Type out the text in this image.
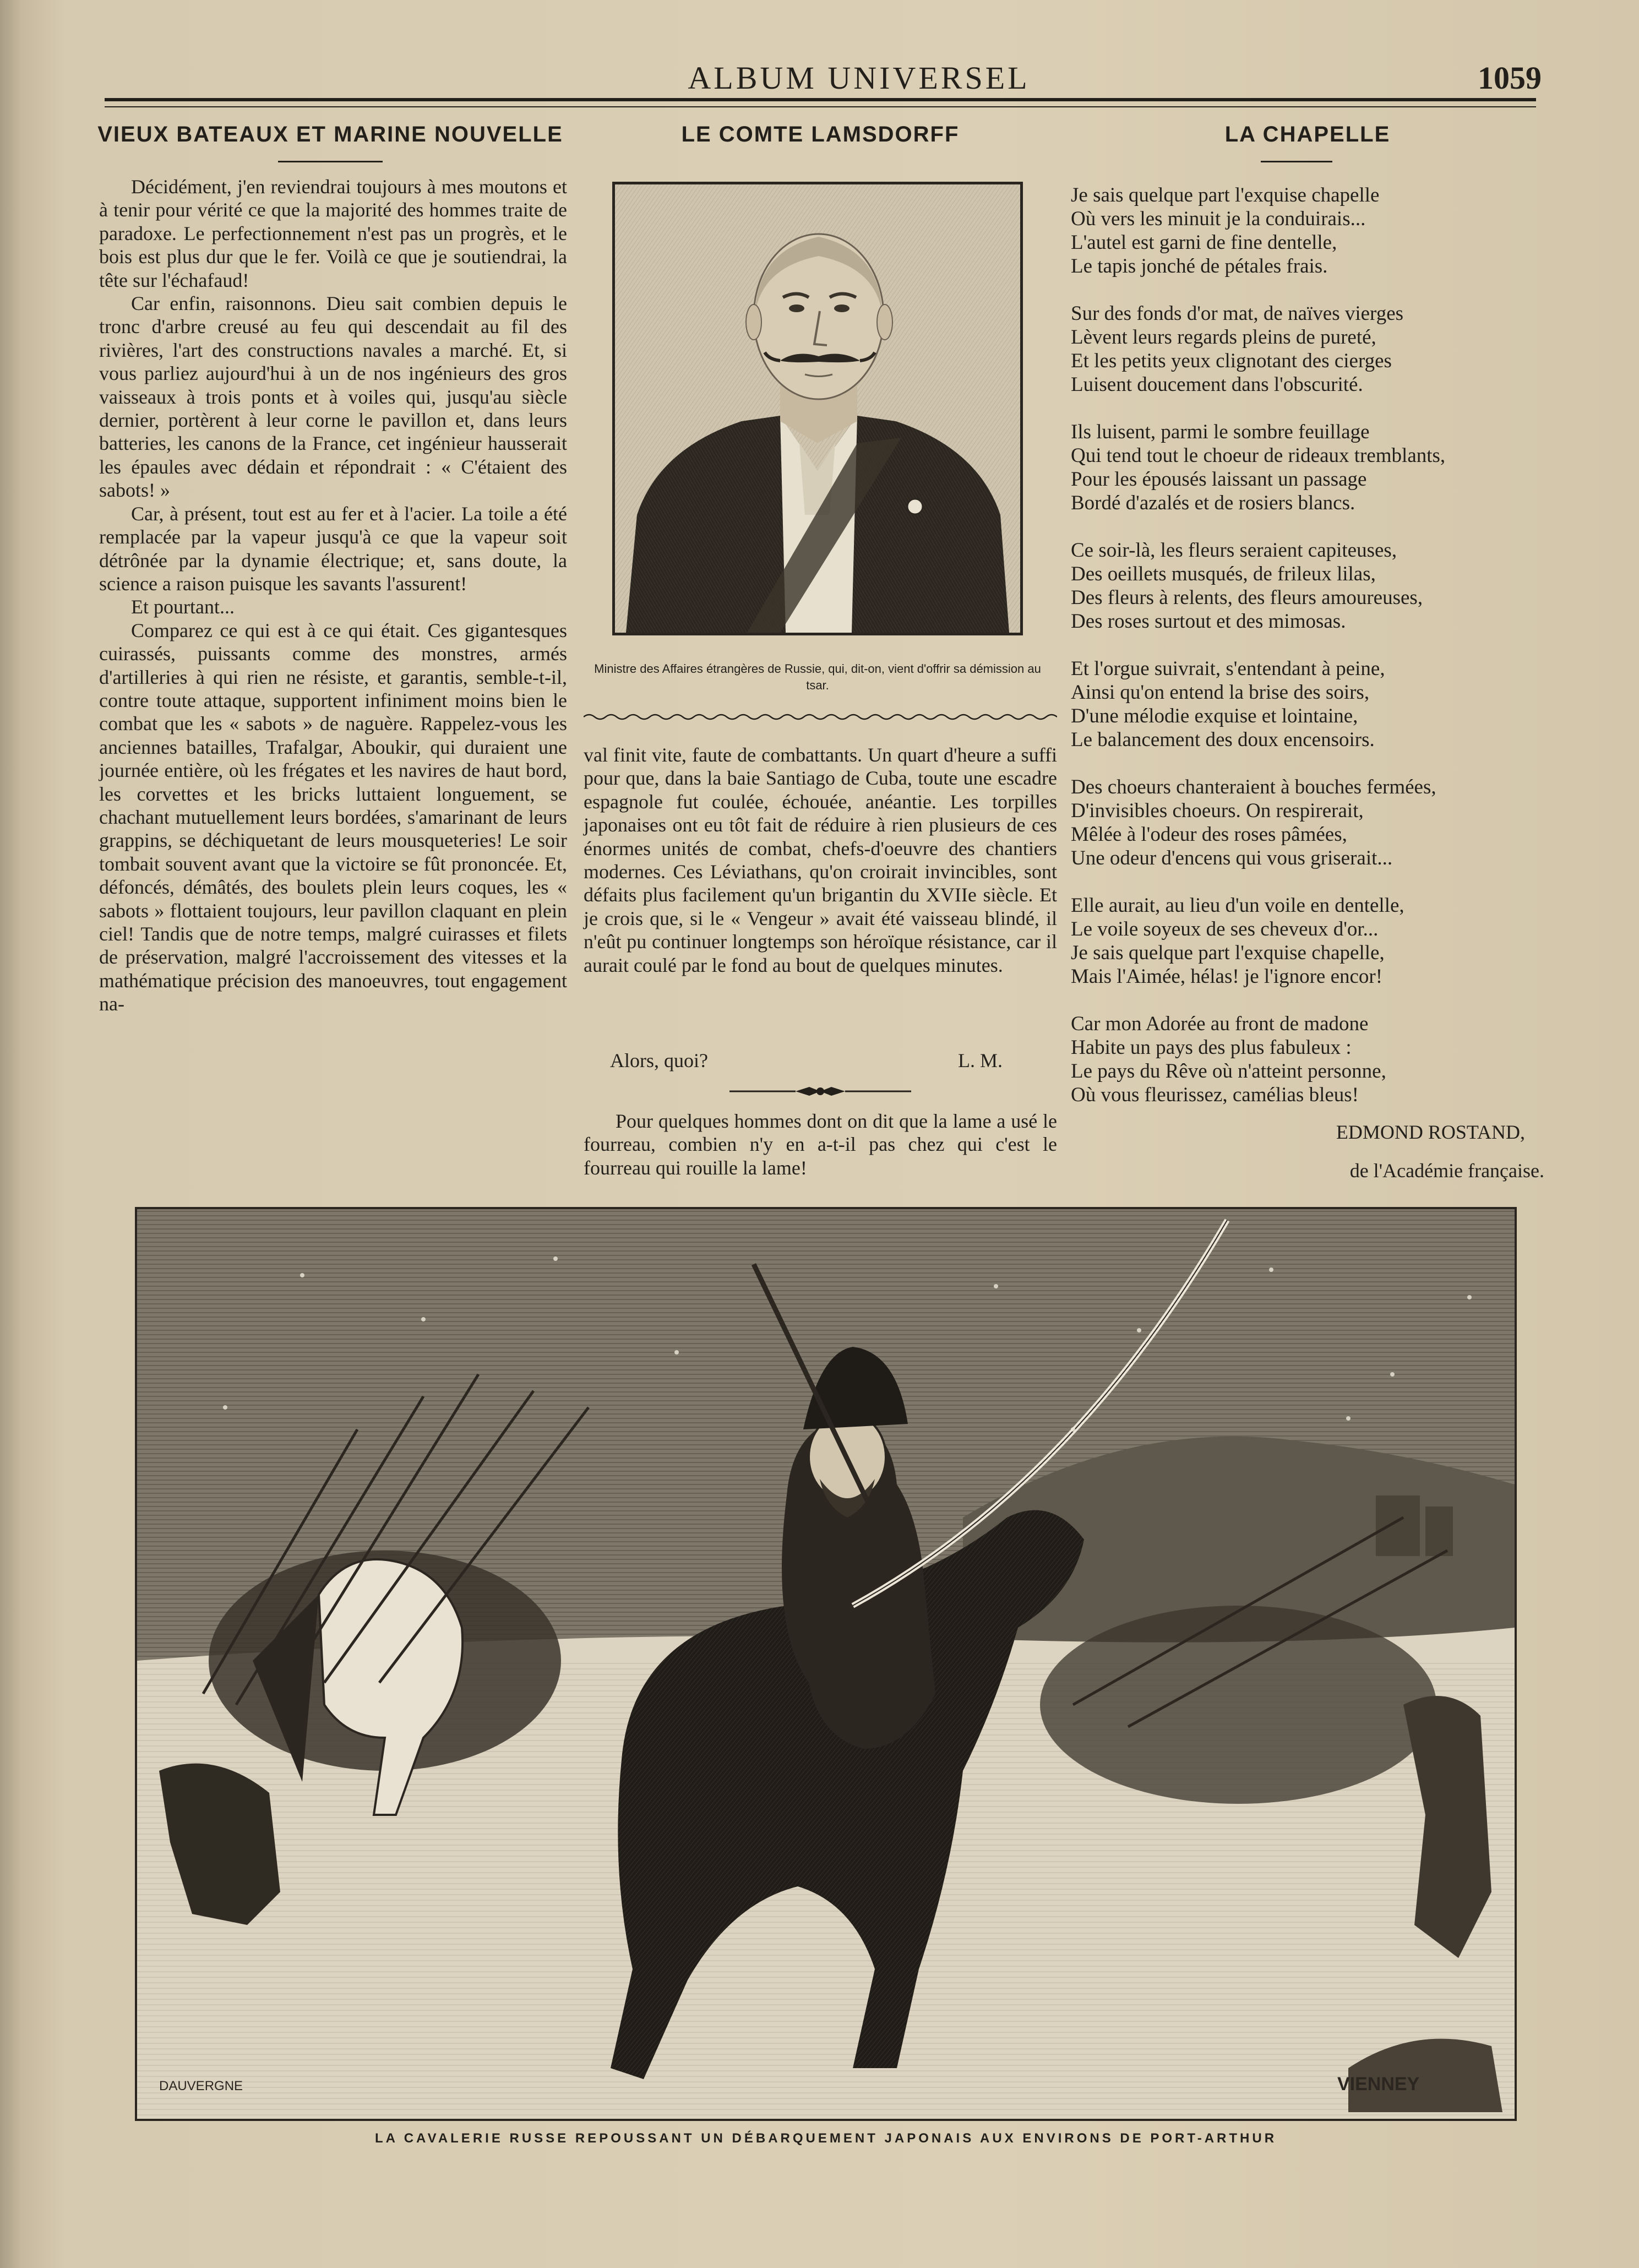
ALBUM UNIVERSEL	1059
VIEUX BATEAUX ET MARINE NOUVELLE	LE COMTE LAMSDORFF	LA CHAPELLE

Décidément, j'en reviendrai toujours à mes moutons et à tenir pour vérité ce que la majorité des hommes traite de paradoxe. Le perfectionnement n'est pas un progrès, et le bois est plus dur que le fer. Voilà ce que je soutiendrai, la tête sur l'échafaud!

Car enfin, raisonnons. Dieu sait combien depuis le tronc d'arbre creusé au feu qui descendait au fil des rivières, l'art des constructions navales a marché. Et, si vous parliez aujourd'hui à un de nos ingénieurs des gros vaisseaux à trois ponts et à voiles qui, jusqu'au siècle dernier, portèrent à leur corne le pavillon et, dans leurs batteries, les canons de la France, cet ingénieur hausserait les épaules avec dédain et répondrait : « C'étaient des sabots! »

Car, à présent, tout est au fer et à l'acier. La toile a été remplacée par la vapeur jusqu'à ce que la vapeur soit détrônée par la dynamie électrique; et, sans doute, la science a raison puisque les savants l'assurent!

Et pourtant...

Comparez ce qui est à ce qui était. Ces gigantesques cuirassés, puissants comme des monstres, armés d'artilleries à qui rien ne résiste, et garantis, semble-t-il, contre toute attaque, supportent infiniment moins bien le combat que les « sabots » de naguère. Rappelez-vous les anciennes batailles, Trafalgar, Aboukir, qui duraient une journée entière, où les frégates et les navires de haut bord, les corvettes et les bricks luttaient longuement, se chachant mutuellement leurs bordées, s'amarinant de leurs grappins, se déchiquetant de leurs mousqueteries! Le soir tombait souvent avant que la victoire se fût prononcée. Et, défoncés, démâtés, des boulets plein leurs coques, les « sabots » flottaient toujours, leur pavillon claquant en plein ciel! Tandis que de notre temps, malgré cuirasses et filets de préservation, malgré l'accroissement des vitesses et la mathématique précision des manoeuvres, tout engagement na-

Ministre des Affaires étrangères de Russie, qui, dit-on, vient d'offrir sa démission au tsar.

val finit vite, faute de combattants. Un quart d'heure a suffi pour que, dans la baie Santiago de Cuba, toute une escadre espagnole fut coulée, échouée, anéantie. Les torpilles japonaises ont eu tôt fait de réduire à rien plusieurs de ces énormes unités de combat, chefs-d'oeuvre des chantiers modernes. Ces Léviathans, qu'on croirait invincibles, sont défaits plus facilement qu'un brigantin du XVIIe siècle. Et je crois que, si le « Vengeur » avait été vaisseau blindé, il n'eût pu continuer longtemps son héroïque résistance, car il aurait coulé par le fond au bout de quelques minutes.

Alors, quoi?	L. M.

Pour quelques hommes dont on dit que la lame a usé le fourreau, combien n'y en a-t-il pas chez qui c'est le fourreau qui rouille la lame!

Je sais quelque part l'exquise chapelle
Où vers les minuit je la conduirais...
L'autel est garni de fine dentelle,
Le tapis jonché de pétales frais.
Sur des fonds d'or mat, de naïves vierges
Lèvent leurs regards pleins de pureté,
Et les petits yeux clignotant des cierges
Luisent doucement dans l'obscurité.
Ils luisent, parmi le sombre feuillage
Qui tend tout le choeur de rideaux tremblants,
Pour les épousés laissant un passage
Bordé d'azalés et de rosiers blancs.
Ce soir-là, les fleurs seraient capiteuses,
Des oeillets musqués, de frileux lilas,
Des fleurs à relents, des fleurs amoureuses,
Des roses surtout et des mimosas.
Et l'orgue suivrait, s'entendant à peine,
Ainsi qu'on entend la brise des soirs,
D'une mélodie exquise et lointaine,
Le balancement des doux encensoirs.
Des choeurs chanteraient à bouches fermées,
D'invisibles choeurs. On respirerait,
Mêlée à l'odeur des roses pâmées,
Une odeur d'encens qui vous griserait...
Elle aurait, au lieu d'un voile en dentelle,
Le voile soyeux de ses cheveux d'or...
Je sais quelque part l'exquise chapelle,
Mais l'Aimée, hélas! je l'ignore encor!
Car mon Adorée au front de madone
Habite un pays des plus fabuleux :
Le pays du Rêve où n'atteint personne,
Où vous fleurissez, camélias bleus!
EDMOND ROSTAND,
de l'Académie française.
DAUVERGNE	VIENNEY
LA CAVALERIE RUSSE REPOUSSANT UN DÉBARQUEMENT JAPONAIS AUX ENVIRONS DE PORT-ARTHUR
